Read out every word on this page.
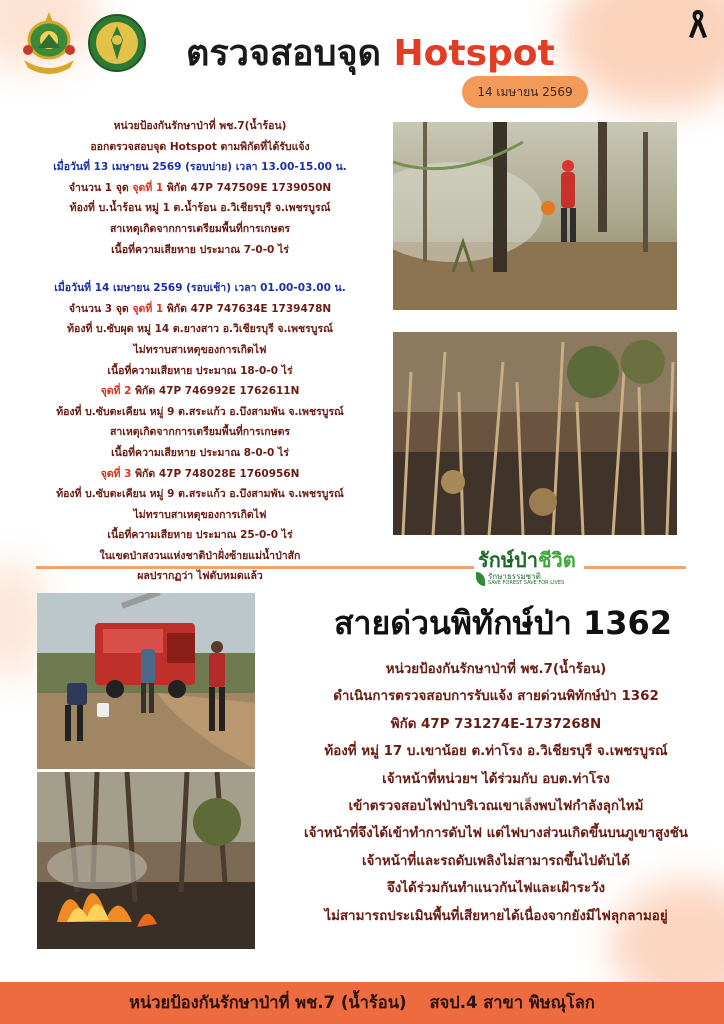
ตรวจสอบจุด Hotspot
14 เมษายน 2569

หน่วยป้องกันรักษาป่าที่ พช.7(น้ำร้อน)

ออกตรวจสอบจุด Hotspot ตามพิกัดที่ได้รับแจ้ง

เมื่อวันที่ 13 เมษายน 2569 (รอบบ่าย) เวลา 13.00-15.00 น.

จำนวน 1 จุด จุดที่ 1 พิกัด 47P 747509E 1739050N

ท้องที่ บ.น้ำร้อน หมู่ 1 ต.น้ำร้อน อ.วิเชียรบุรี จ.เพชรบูรณ์

สาเหตุเกิดจากการเตรียมพื้นที่การเกษตร

เนื้อที่ความเสียหาย ประมาณ 7-0-0 ไร่

เมื่อวันที่ 14 เมษายน 2569 (รอบเช้า) เวลา 01.00-03.00 น.

จำนวน 3 จุด จุดที่ 1 พิกัด 47P 747634E 1739478N

ท้องที่ บ.ซับผุด หมู่ 14 ต.ยางสาว อ.วิเชียรบุรี จ.เพชรบูรณ์

ไม่ทราบสาเหตุของการเกิดไฟ

เนื้อที่ความเสียหาย ประมาณ 18-0-0 ไร่

จุดที่ 2 พิกัด 47P 746992E 1762611N

ท้องที่ บ.ซับตะเคียน หมู่ 9 ต.สระแก้ว อ.บึงสามพัน จ.เพชรบูรณ์

สาเหตุเกิดจากการเตรียมพื้นที่การเกษตร

เนื้อที่ความเสียหาย ประมาณ 8-0-0 ไร่

จุดที่ 3 พิกัด 47P 748028E 1760956N

ท้องที่ บ.ซับตะเคียน หมู่ 9 ต.สระแก้ว อ.บึงสามพัน จ.เพชรบูรณ์

ไม่ทราบสาเหตุของการเกิดไฟ

เนื้อที่ความเสียหาย ประมาณ 25-0-0 ไร่

ในเขตป่าสงวนแห่งชาติป่าฝั่งซ้ายแม่น้ำป่าสัก

ผลปรากฏว่า ไฟดับหมดแล้ว

รักษ์ป่าชีวิต
รักษาธรรมชาติ
SAVE FOREST SAVE FOR LIVES
สายด่วนพิทักษ์ป่า 1362

หน่วยป้องกันรักษาป่าที่ พช.7(น้ำร้อน)

ดำเนินการตรวจสอบการรับแจ้ง สายด่วนพิทักษ์ป่า 1362

พิกัด 47P 731274E-1737268N

ท้องที่ หมู่ 17 บ.เขาน้อย ต.ท่าโรง อ.วิเชียรบุรี จ.เพชรบูรณ์

เจ้าหน้าที่หน่วยฯ ได้ร่วมกับ อบต.ท่าโรง

เข้าตรวจสอบไฟป่าบริเวณเขาเล็งพบไฟกำลังลุกไหม้

เจ้าหน้าที่จึงได้เข้าทำการดับไฟ แต่ไฟบางส่วนเกิดขึ้นบนภูเขาสูงชัน

เจ้าหน้าที่และรถดับเพลิงไม่สามารถขึ้นไปดับได้

จึงได้ร่วมกันทำแนวกันไฟและเฝ้าระวัง

ไม่สามารถประเมินพื้นที่เสียหายได้เนื่องจากยังมีไฟลุกลามอยู่

หน่วยป้องกันรักษาป่าที่ พช.7 (น้ำร้อน)    สจป.4 สาขา พิษณุโลก
